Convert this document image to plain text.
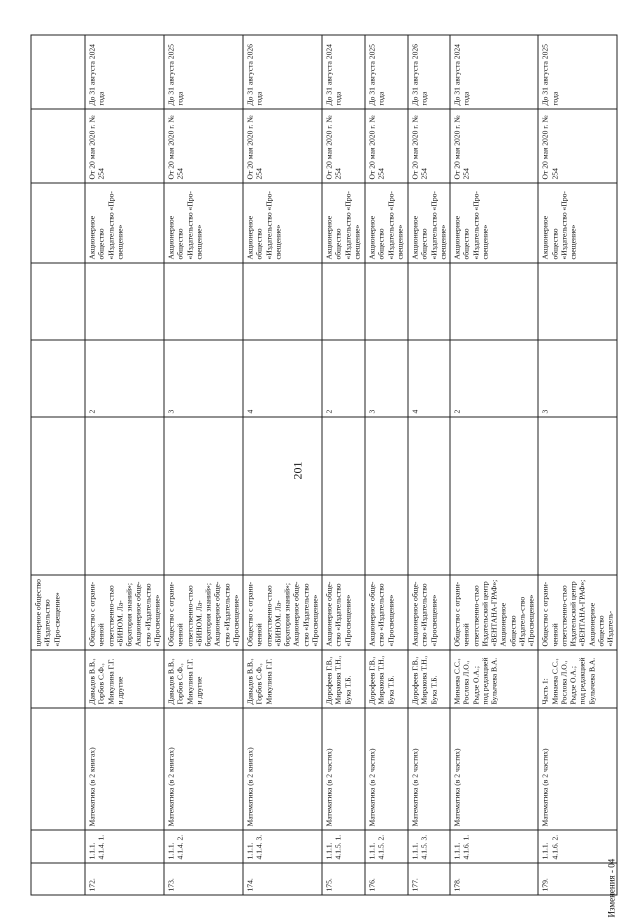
201
				ционерное общество «Издательство «Про-свещение»						
172.	1.1.1. 4.1.4. 1.	Математика (в 2 книгах)	Давыдов В.В., Горбов С.Ф., Микулина Г.Г. и другие	Общество с ограни-ченной ответственно-стью «БИНОМ. Ла-боратория знаний»; Акционерное обще-ство «Издательство «Просвещение»		2		Акционерное общество «Издательство «Про-свещение»	От 20 мая 2020 г. № 254	До 31 августа 2024 года
173.	1.1.1. 4.1.4. 2.	Математика (в 2 книгах)	Давыдов В.В., Горбов С.Ф., Микулина Г.Г. и другие	Общество с ограни-ченной ответственно-стью «БИНОМ. Ла-боратория знаний»; Акционерное обще-ство «Издательство «Просвещение»		3		Акционерное общество «Издательство «Про-свещение»	От 20 мая 2020 г. № 254	До 31 августа 2025 года
174.	1.1.1. 4.1.4. 3.	Математика (в 2 книгах)	Давыдов В.В., Горбов С.Ф., Микулина Г.Г.	Общество с ограни-ченной ответственно-стью «БИНОМ. Ла-боратория знаний»; Акционерное обще-ство «Издательство «Просвещение»		4		Акционерное общество «Издательство «Про-свещение»	От 20 мая 2020 г. № 254	До 31 августа 2026 года
175.	1.1.1. 4.1.5. 1.	Математика (в 2 частях)	Дорофеев Г.В., Миракова Т.Н., Бука Т.Б.	Акционерное обще-ство «Издательство «Просвещение»		2		Акционерное общество «Издательство «Про-свещение»	От 20 мая 2020 г. № 254	До 31 августа 2024 года
176.	1.1.1. 4.1.5. 2.	Математика (в 2 частях)	Дорофеев Г.В., Миракова Т.Н., Бука Т.Б.	Акционерное обще-ство «Издательство «Просвещение»		3		Акционерное общество «Издательство «Про-свещение»	От 20 мая 2020 г. № 254	До 31 августа 2025 года
177.	1.1.1. 4.1.5. 3.	Математика (в 2 частях)	Дорофеев Г.В., Миракова Т.Н., Бука Т.Б.	Акционерное обще-ство «Издательство «Просвещение»		4		Акционерное общество «Издательство «Про-свещение»	От 20 мая 2020 г. № 254	До 31 августа 2026 года
178.	1.1.1. 4.1.6. 1.	Математика (в 2 частях)	Минаева С.С., Рослова Л.О., Рыдзе О.А.; под редакцией Булычева В.А.	Общество с ограни-ченной ответственно-стью Издательский центр «ВЕНТАНА-ГРАФ»; Акционерное общество «Издатель-ство «Просвещение»		2		Акционерное общество «Издательство «Про-свещение»	От 20 мая 2020 г. № 254	До 31 августа 2024 года
179.	1.1.1. 4.1.6. 2.	Математика (в 2 частях)	Часть 1: Минаева С.С., Рослова Л.О., Рыдзе О.А.; под редакцией Булычева В.А.	Общество с ограни-ченной ответственно-стью Издательский центр «ВЕНТАНА-ГРАФ»; Акционерное общество «Издатель-		3		Акционерное общество «Издательство «Про-свещение»	От 20 мая 2020 г. № 254	До 31 августа 2025 года
Изменения - 04
